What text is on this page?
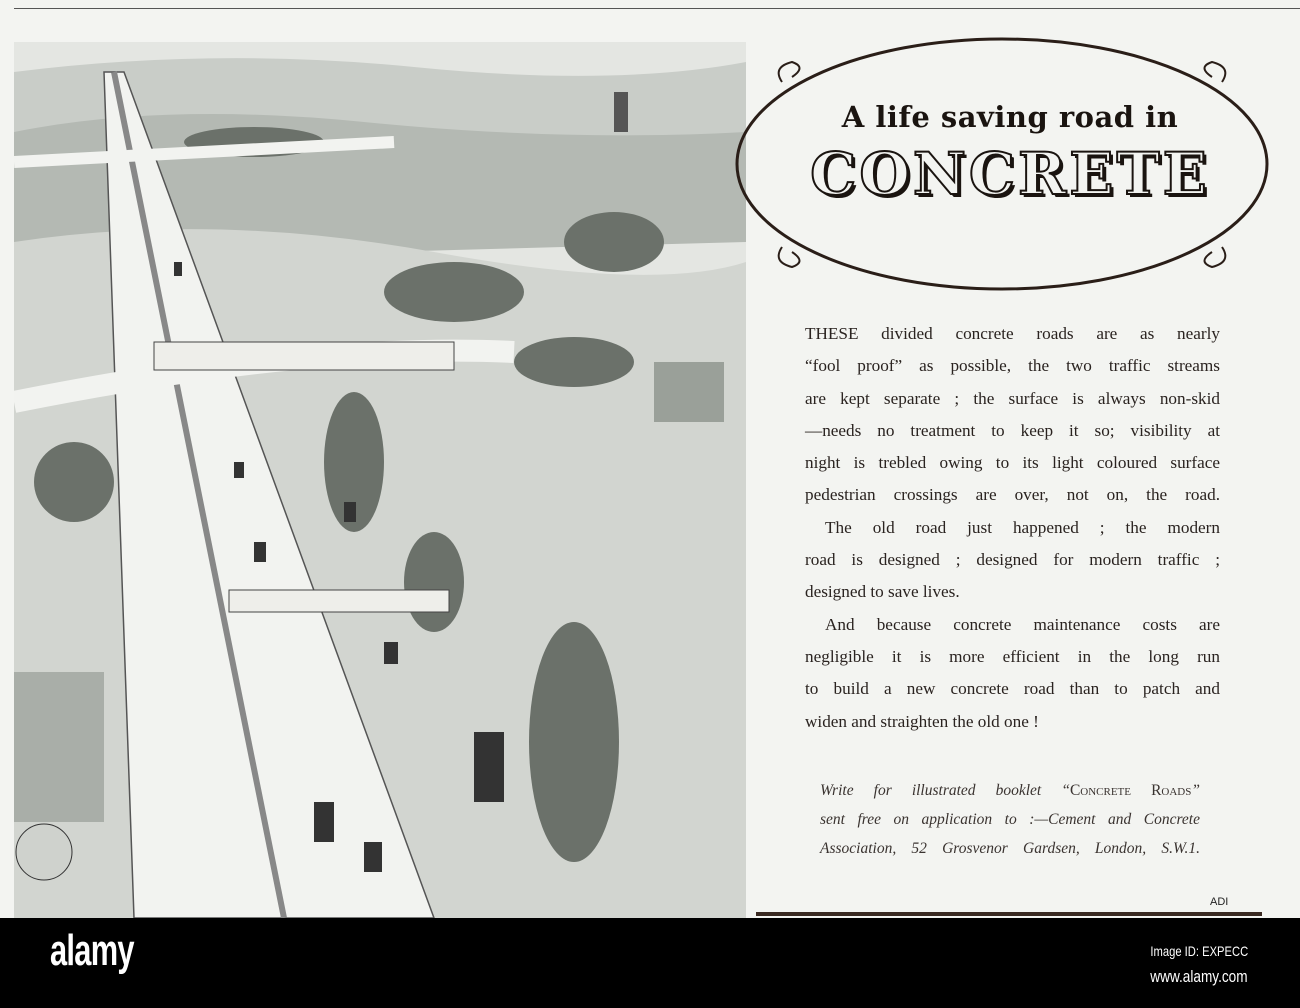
A life saving road in
CONCRETE
THESE divided concrete roads are as nearly
“fool proof” as possible, the two traffic streams
are kept separate ; the surface is always non-skid
—needs no treatment to keep it so; visibility at
night is trebled owing to its light coloured surface
pedestrian crossings are over, not on, the road.
The old road just happened ; the modern
road is designed ; designed for modern traffic ;
designed to save lives.
And because concrete maintenance costs are
negligible it is more efficient in the long run
to build a new concrete road than to patch and
widen and straighten the old one !
Write for illustrated booklet “Concrete Roads”
sent free on application to :—Cement and Concrete
Association, 52 Grosvenor Gardsen, London, S.W.1.
ADI
alamy	Image ID: EXPECC
www.alamy.com
